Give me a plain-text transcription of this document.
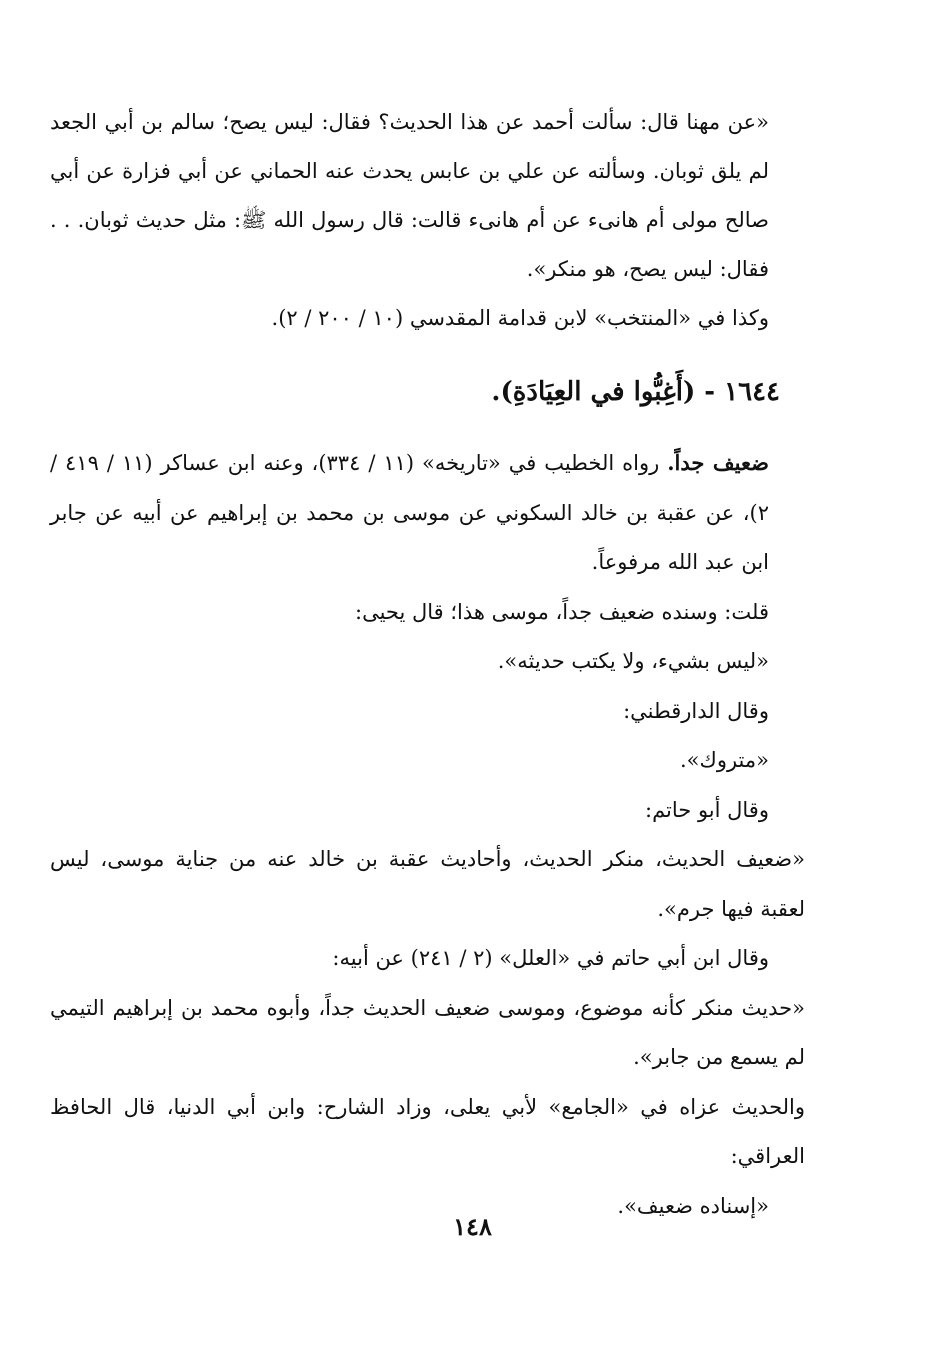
«عن مهنا قال: سألت أحمد عن هذا الحديث؟ فقال: ليس يصح؛ سالم بن أبي الجعد لم يلق ثوبان. وسألته عن علي بن عابس يحدث عنه الحماني عن أبي فزارة عن أبي صالح مولى أم هانىء عن أم هانىء قالت: قال رسول الله ﷺ: مثل حديث ثوبان. . . فقال: ليس يصح، هو منكر».

وكذا في «المنتخب» لابن قدامة المقدسي (١٠ / ٢٠٠ / ٢).

١٦٤٤ - (أَغِبُّوا في العِيَادَةِ).

ضعيف جداً. رواه الخطيب في «تاريخه» (١١ / ٣٣٤)، وعنه ابن عساكر (١١ / ٤١٩ / ٢)، عن عقبة بن خالد السكوني عن موسى بن محمد بن إبراهيم عن أبيه عن جابر ابن عبد الله مرفوعاً.

قلت: وسنده ضعيف جداً، موسى هذا؛ قال يحيى:

«ليس بشيء، ولا يكتب حديثه».

وقال الدارقطني:

«متروك».

وقال أبو حاتم:

«ضعيف الحديث، منكر الحديث، وأحاديث عقبة بن خالد عنه من جناية موسى، ليس لعقبة فيها جرم».

وقال ابن أبي حاتم في «العلل» (٢ / ٢٤١) عن أبيه:

«حديث منكر كأنه موضوع، وموسى ضعيف الحديث جداً، وأبوه محمد بن إبراهيم التيمي لم يسمع من جابر».

والحديث عزاه في «الجامع» لأبي يعلى، وزاد الشارح: وابن أبي الدنيا، قال الحافظ العراقي:

«إسناده ضعيف».

١٤٨
